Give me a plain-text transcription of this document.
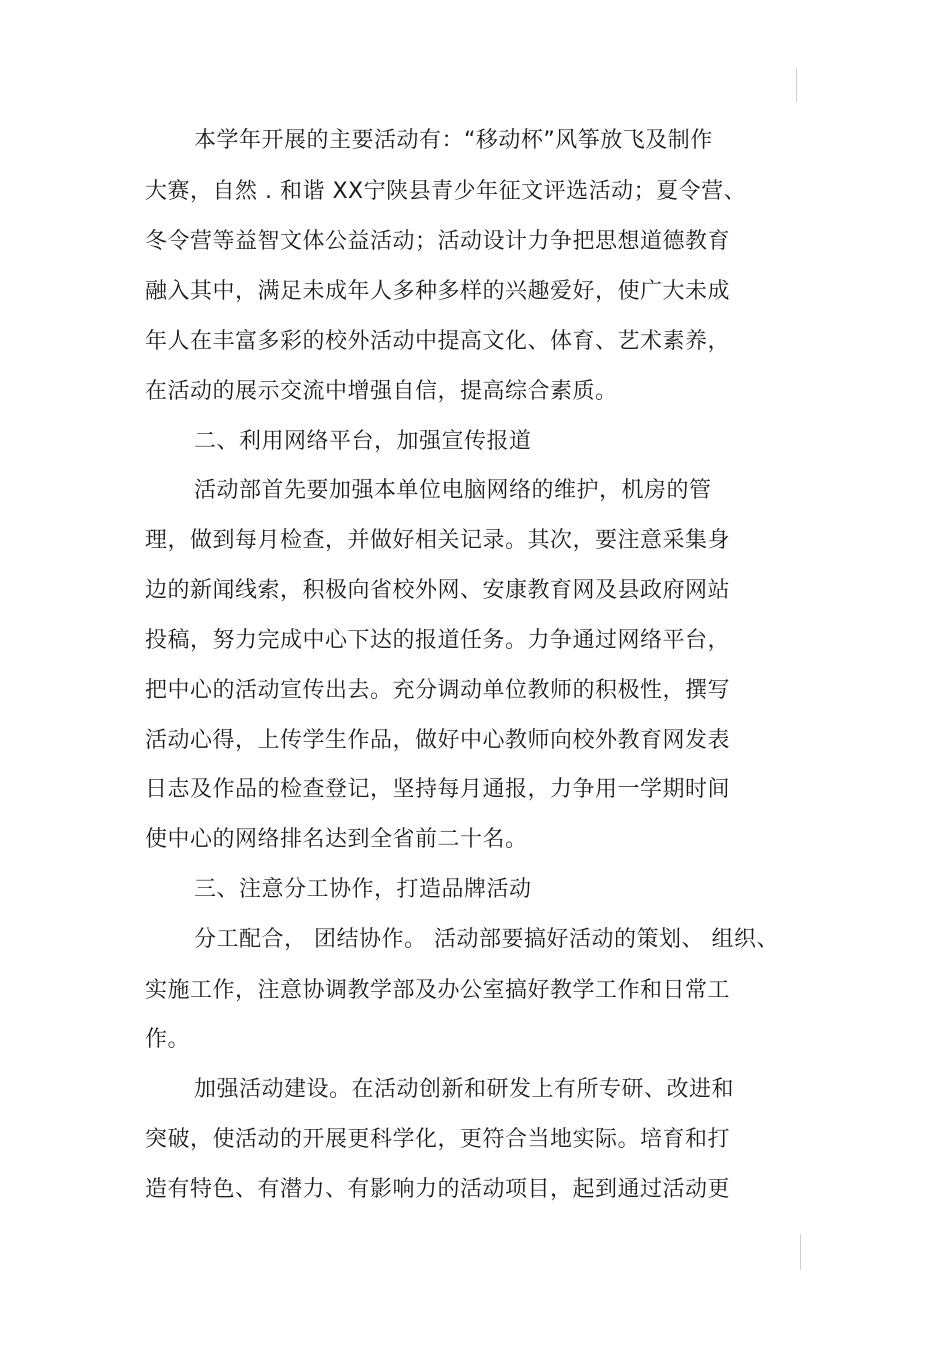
本学年开展的主要活动有：“移动杯”风筝放飞及制作
大赛，自然 . 和谐 XX宁陕县青少年征文评选活动；夏令营、
冬令营等益智文体公益活动；活动设计力争把思想道德教育
融入其中，满足未成年人多种多样的兴趣爱好，使广大未成
年人在丰富多彩的校外活动中提高文化、体育、艺术素养，
在活动的展示交流中增强自信，提高综合素质。
二、利用网络平台，加强宣传报道
活动部首先要加强本单位电脑网络的维护，机房的管
理，做到每月检查，并做好相关记录。其次，要注意采集身
边的新闻线索，积极向省校外网、安康教育网及县政府网站
投稿，努力完成中心下达的报道任务。力争通过网络平台，
把中心的活动宣传出去。充分调动单位教师的积极性，撰写
活动心得，上传学生作品，做好中心教师向校外教育网发表
日志及作品的检查登记，坚持每月通报，力争用一学期时间
使中心的网络排名达到全省前二十名。
三、注意分工协作，打造品牌活动
分工配合， 团结协作。 活动部要搞好活动的策划、 组织、
实施工作，注意协调教学部及办公室搞好教学工作和日常工
作。
加强活动建设。在活动创新和研发上有所专研、改进和
突破，使活动的开展更科学化，更符合当地实际。培育和打
造有特色、有潜力、有影响力的活动项目，起到通过活动更
